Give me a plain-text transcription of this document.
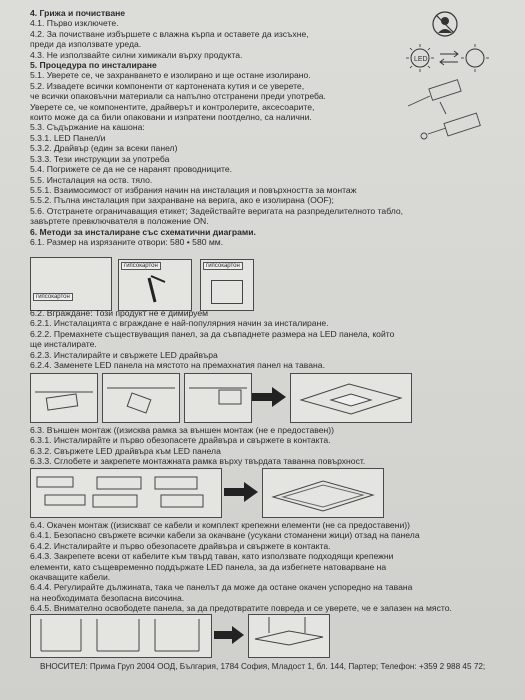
4. Грижа и почистване
4.1. Първо изключете.
4.2. За почистване избършете с влажна кърпа и оставете да изсъхне,
преди да използвате уреда.
4.3. Не използвайте силни химикали върху продукта.
5. Процедура по инсталиране
5.1. Уверете се, че захранването е изолирано и ще остане изолирано.
5.2. Извадете всички компоненти от картонената кутия и се уверете,
че всички опаковъчни материали са напълно отстранени преди употреба.
Уверете се, че компонентите, драйверът и контролерите, аксесоарите,
които може да са били опаковани и изпратени поотделно, са налични.
5.3. Съдържание на кашона:
5.3.1. LED Панел/и
5.3.2. Драйвър (един за всеки панел)
5.3.3. Тези инструкции за употреба
5.4. Погрижете се да не се наранят проводниците.
5.5. Инсталация на оств. тяло.
5.5.1. Взаимосимост от избрания начин на инсталация и повърхността за монтаж
5.5.2. Пълна инсталация при захранване на верига, ако е изолирана (OOF);
5.6. Отстранете ограничаващия етикет; Задействайте веригата на разпределителното табло,
завъртете превключвателя в положение ON.
6. Методи за инсталиране със схематични диаграми.
6.1. Размер на изрязаните отвори: 580 • 580 мм.
LED
гипсокартон
гипсокартон	гипсокартон
6.2. Вграждане: Този продукт не е димируем
6.2.1. Инсталацията с вграждане е най-популярния начин за инсталиране.
6.2.2. Премахнете съществуващия панел, за да съвпаднете размера на LED панела, който
ще инсталирате.
6.2.3. Инсталирайте и свържете LED драйвъра
6.2.4. Заменете LED панела на мястото на премахнатия панел на тавана.
6.3. Външен монтаж ((изисква рамка за външен монтаж (не е предоставен))
6.3.1. Инсталирайте и първо обезопасете драйвъра и свържете в контакта.
6.3.2. Свържете LED драйвъра към LED панела
6.3.3. Сглобете и закрепете монтажната рамка върху твърдата таванна повърхност.
6.4. Окачен монтаж ((изискват се кабели и комплект крепежни елементи (не са предоставени))
6.4.1. Безопасно свържете всички кабели за окачване (усукани стоманени жици) отзад на панела
6.4.2. Инсталирайте и първо обезопасете драйвъра и свържете в контакта.
6.4.3. Закрепете всеки от кабелите към твърд таван, като използвате подходящи крепежни
елементи, като същевременно поддържате LED панела, за да избегнете натоварване на
окачващите кабели.
6.4.4. Регулирайте дължината, така че панелът да може да остане окачен успоредно на тавана
на необходимата безопасна височина.
6.4.5. Внимателно освободете панела, за да предотвратите повреда и се уверете, че е запазен на място.
ВНОСИТЕЛ: Прима Груп 2004 ООД, България, 1784 София, Младост 1, бл. 144, Партер; Телефон: +359 2 988 45 72;
